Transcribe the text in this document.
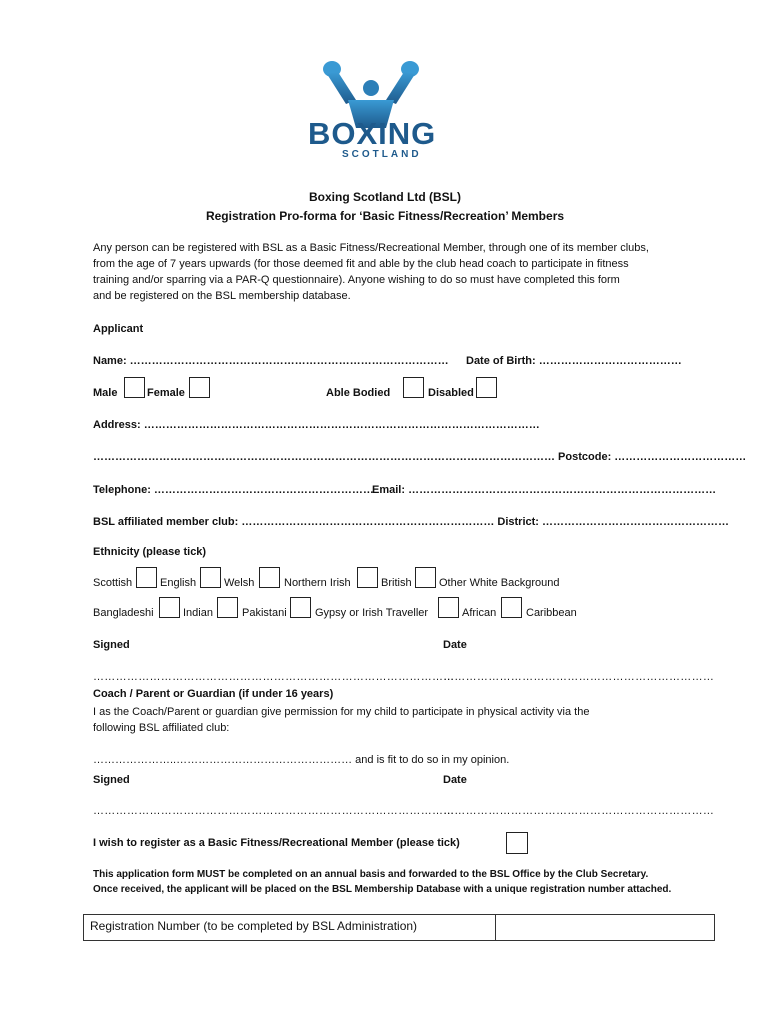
BOXING
SCOTLAND
Boxing Scotland Ltd (BSL)
Registration Pro-forma for ‘Basic Fitness/Recreation’ Members
Any person can be registered with BSL as a Basic Fitness/Recreational Member, through one of its member clubs,
from the age of 7 years upwards (for those deemed fit and able by the club head coach to participate in fitness
training and/or sparring via a PAR-Q questionnaire). Anyone wishing to do so must have completed this form
and be registered on the BSL membership database.
Applicant
Name: …………………………………………………………………………… Date of Birth: …………………………………
Male	Female	Able Bodied	Disabled
Address: ………………………………………………………………………………………………
……………………………………………………………………………………………………………… Postcode: ………………………………
Telephone: ……………………………………………………
Email: …………………………………………………………………………
BSL affiliated member club: …………………………………………………………… District: ……………………………………………
Ethnicity (please tick)
Scottish	English	Welsh	Northern Irish	British Other White Background
Bangladeshi	Indian	Pakistani	Gypsy or Irish Traveller	African	Caribbean
Signed	Date
……………………………………………………………………………………
………………………………………………………………
Coach / Parent or Guardian (if under 16 years)
I as the Coach/Parent or guardian give permission for my child to participate in physical activity via the
following BSL affiliated club:
…………………..………………………………………… and is fit to do so in my opinion.
Signed	Date
……………………………………………………………………………………
………………………………………………………………
I wish to register as a Basic Fitness/Recreational Member (please tick)
This application form MUST be completed on an annual basis and forwarded to the BSL Office by the Club Secretary.
Once received, the applicant will be placed on the BSL Membership Database with a unique registration number attached.
Registration Number (to be completed by BSL Administration)
